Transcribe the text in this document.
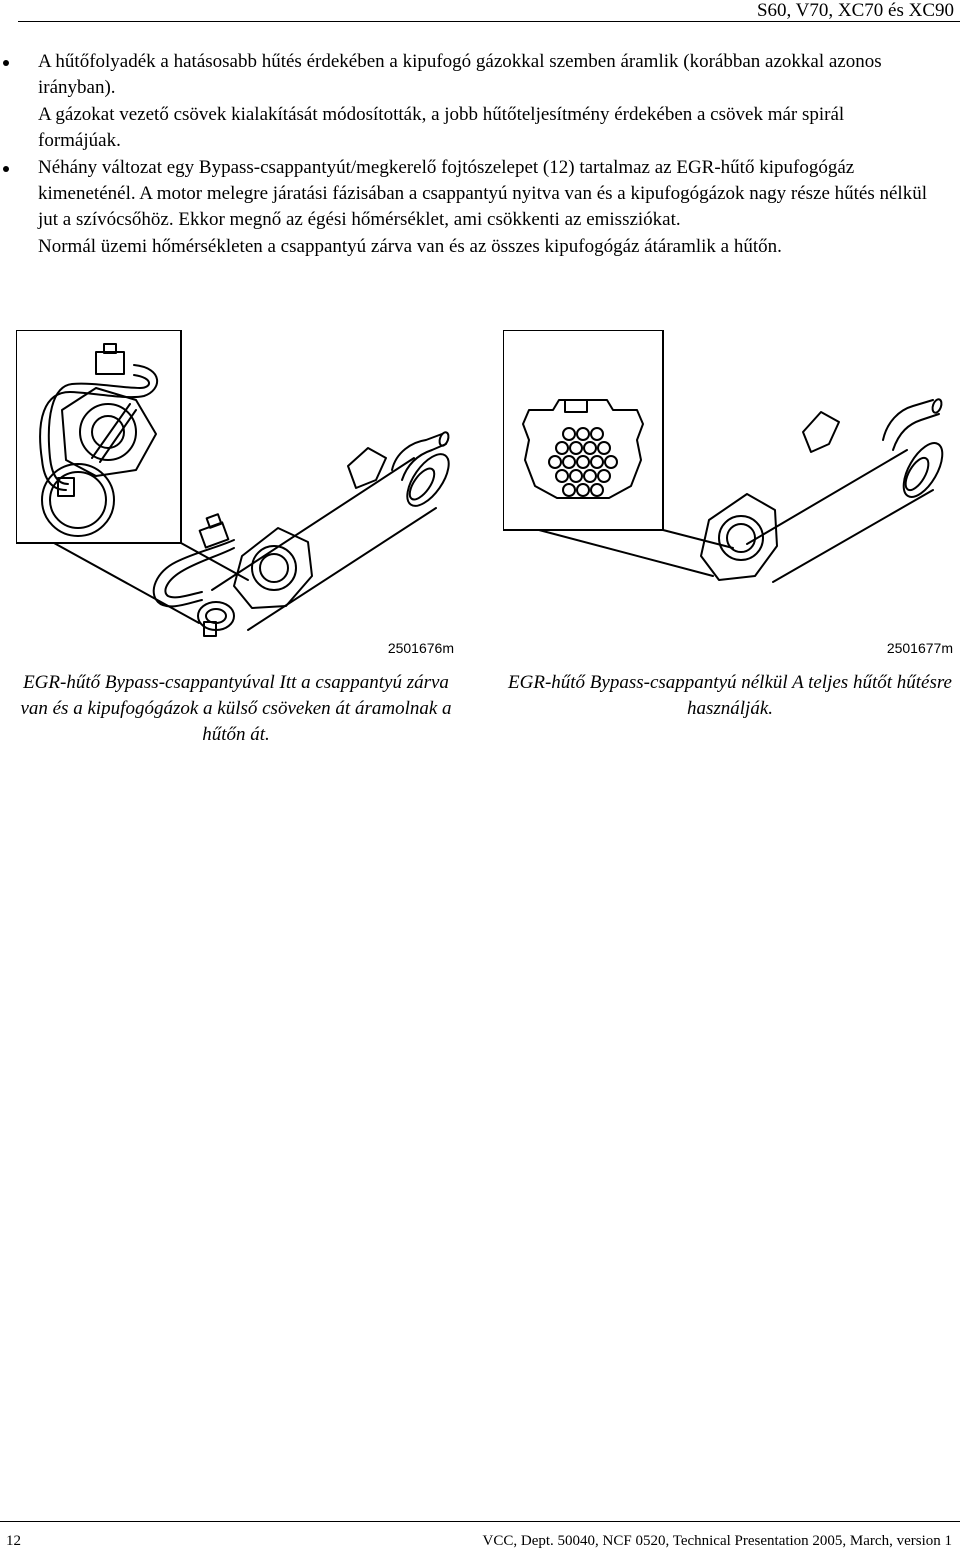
S60, V70, XC70 és XC90

A hűtőfolyadék a hatásosabb hűtés érdekében a kipufogó gázokkal szemben áramlik (korábban azokkal azonos irányban).

A gázokat vezető csövek kialakítását módosították, a jobb hűtőteljesítmény érdekében a csövek már spirál formájúak.

Néhány változat egy Bypass-csappantyút/megkerelő fojtószelepet (12) tartalmaz az EGR-hűtő kipufogógáz kimeneténél. A motor melegre járatási fázisában a csappantyú nyitva van és a kipufogógázok nagy része hűtés nélkül jut a szívócsőhöz. Ekkor megnő az égési hőmérséklet, ami csökkenti az emissziókat.

Normál üzemi hőmérsékleten a csappantyú zárva van és az összes kipufogógáz átáramlik a hűtőn.

2501676m
EGR-hűtő Bypass-csappantyúval Itt a csappantyú zárva van és a kipufogógázok a külső csöveken át áramolnak a hűtőn át.
2501677m
EGR-hűtő Bypass-csappantyú nélkül A teljes hűtőt hűtésre használják.
12	VCC, Dept. 50040, NCF 0520, Technical Presentation 2005, March, version 1
